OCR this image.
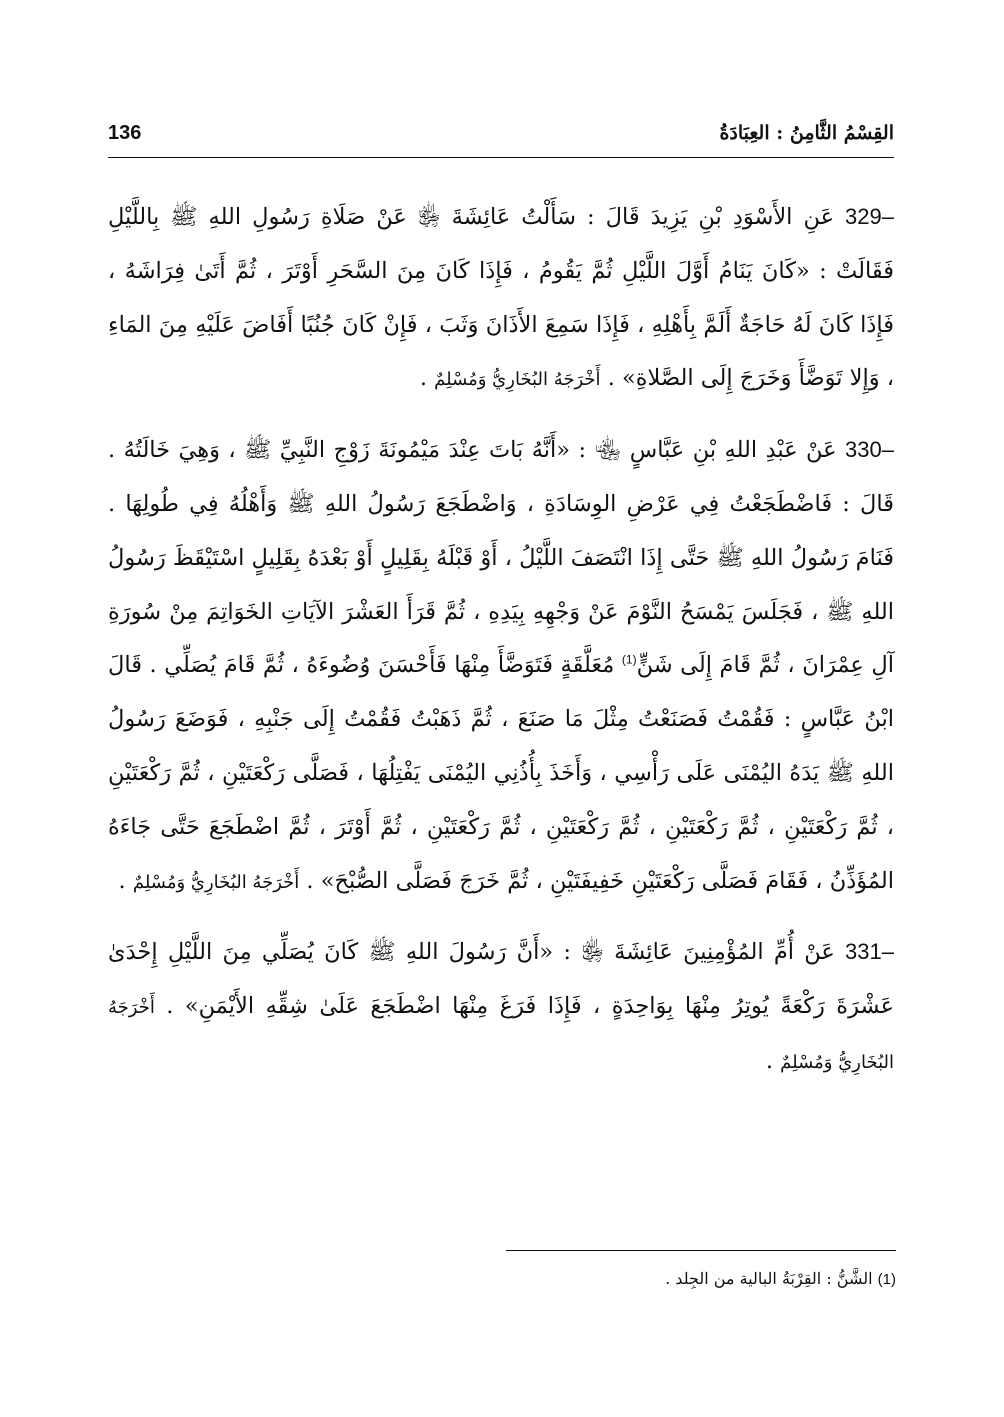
القِسْمُ الثَّامِنُ : العِبَادَةُ
136

329– عَنِ الأَسْوَدِ بْنِ يَزِيدَ قَالَ : سَأَلْتُ عَائِشَةَ ﵂ عَنْ صَلَاةِ رَسُولِ اللهِ ﷺ بِاللَّيْلِ فَقَالَتْ : «كَانَ يَنَامُ أَوَّلَ اللَّيْلِ ثُمَّ يَقُومُ ، فَإِذَا كَانَ مِنَ السَّحَرِ أَوْتَرَ ، ثُمَّ أَتَىٰ فِرَاشَهُ ، فَإِذَا كَانَ لَهُ حَاجَةٌ أَلَمَّ بِأَهْلِهِ ، فَإِذَا سَمِعَ الأَذَانَ وَثَبَ ، فَإِنْ كَانَ جُنُبًا أَفَاضَ عَلَيْهِ مِنَ المَاءِ ، وَإِلا تَوَضَّأَ وَخَرَجَ إِلَى الصَّلاةِ» . أَخْرَجَهُ البُخَارِيُّ وَمُسْلِمٌ .

330– عَنْ عَبْدِ اللهِ بْنِ عَبَّاسٍ ﵄ : «أَنَّهُ بَاتَ عِنْدَ مَيْمُونَةَ زَوْجِ النَّبِيِّ ﷺ ، وَهِيَ خَالَتُهُ . قَالَ : فَاضْطَجَعْتُ فِي عَرْضِ الوِسَادَةِ ، وَاضْطَجَعَ رَسُولُ اللهِ ﷺ وَأَهْلُهُ فِي طُولِهَا . فَنَامَ رَسُولُ اللهِ ﷺ حَتَّى إِذَا انْتَصَفَ اللَّيْلُ ، أَوْ قَبْلَهُ بِقَلِيلٍ أَوْ بَعْدَهُ بِقَلِيلٍ اسْتَيْقَظَ رَسُولُ اللهِ ﷺ ، فَجَلَسَ يَمْسَحُ النَّوْمَ عَنْ وَجْهِهِ بِيَدِهِ ، ثُمَّ قَرَأَ العَشْرَ الآيَاتِ الخَوَاتِمَ مِنْ سُورَةِ آلِ عِمْرَانَ ، ثُمَّ قَامَ إِلَى شَنٍّ$^{(1)}$ مُعَلَّقَةٍ فَتَوَضَّأَ مِنْهَا فَأَحْسَنَ وُضُوءَهُ ، ثُمَّ قَامَ يُصَلِّي . قَالَ ابْنُ عَبَّاسٍ : فَقُمْتُ فَصَنَعْتُ مِثْلَ مَا صَنَعَ ، ثُمَّ ذَهَبْتُ فَقُمْتُ إِلَى جَنْبِهِ ، فَوَضَعَ رَسُولُ اللهِ ﷺ يَدَهُ اليُمْنَى عَلَى رَأْسِي ، وَأَخَذَ بِأُذُنِي اليُمْنَى يَفْتِلُهَا ، فَصَلَّى رَكْعَتَيْنِ ، ثُمَّ رَكْعَتَيْنِ ، ثُمَّ رَكْعَتَيْنِ ، ثُمَّ رَكْعَتَيْنِ ، ثُمَّ رَكْعَتَيْنِ ، ثُمَّ رَكْعَتَيْنِ ، ثُمَّ أَوْتَرَ ، ثُمَّ اضْطَجَعَ حَتَّى جَاءَهُ المُؤَذِّنُ ، فَقَامَ فَصَلَّى رَكْعَتَيْنِ خَفِيفَتَيْنِ ، ثُمَّ خَرَجَ فَصَلَّى الصُّبْحَ» . أَخْرَجَهُ البُخَارِيُّ وَمُسْلِمٌ .

331– عَنْ أُمِّ المُؤْمِنِينَ عَائِشَةَ ﵂ : «أَنَّ رَسُولَ اللهِ ﷺ كَانَ يُصَلِّي مِنَ اللَّيْلِ إِحْدَىٰ عَشْرَةَ رَكْعَةً يُوتِرُ مِنْهَا بِوَاحِدَةٍ ، فَإِذَا فَرَغَ مِنْهَا اضْطَجَعَ عَلَىٰ شِقِّهِ الأَيْمَنِ» . أَخْرَجَهُ البُخَارِيُّ وَمُسْلِمٌ .

(1) الشَّنُّ : القِرْبَةُ البالية من الجِلد .
